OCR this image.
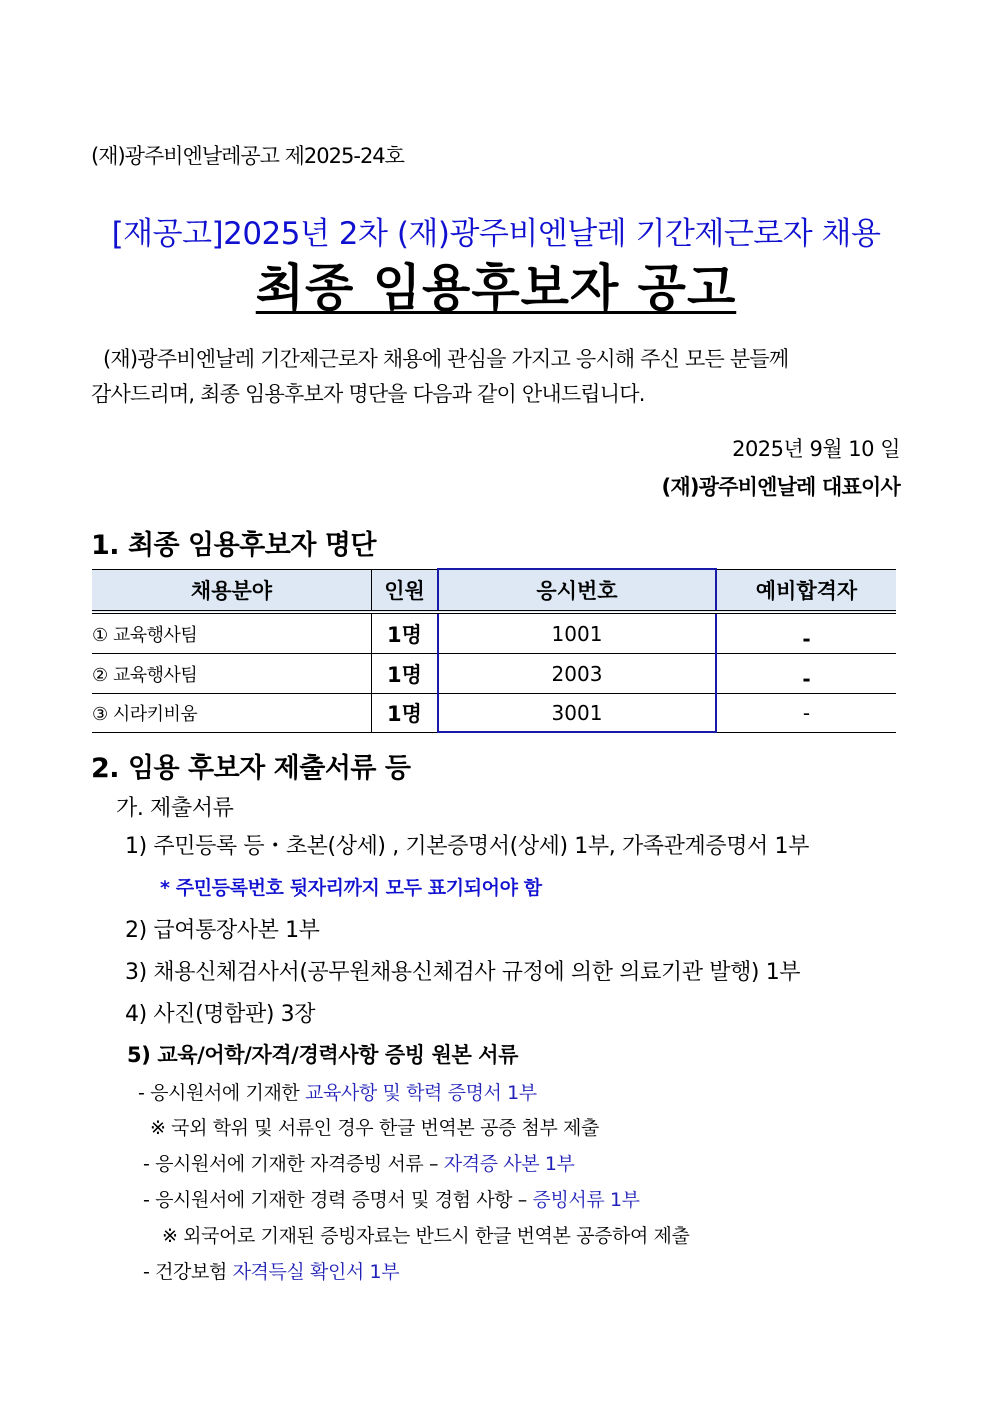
(재)광주비엔날레공고 제2025-24호
[재공고]2025년 2차 (재)광주비엔날레 기간제근로자 채용
최종 임용후보자 공고
(재)광주비엔날레 기간제근로자 채용에 관심을 가지고 응시해 주신 모든 분들께
감사드리며, 최종 임용후보자 명단을 다음과 같이 안내드립니다.
2025년 9월 10 일
(재)광주비엔날레 대표이사
1. 최종 임용후보자 명단
채용분야	인원	응시번호	예비합격자
① 교육행사팀	1명	1001	-
② 교육행사팀	1명	2003	-
③ 시라키비움	1명	3001	-
2. 임용 후보자 제출서류 등
가. 제출서류
1) 주민등록 등・초본(상세) , 기본증명서(상세) 1부, 가족관계증명서 1부
* 주민등록번호 뒷자리까지 모두 표기되어야 함
2) 급여통장사본 1부
3) 채용신체검사서(공무원채용신체검사 규정에 의한 의료기관 발행) 1부
4) 사진(명함판) 3장
5) 교육/어학/자격/경력사항 증빙 원본 서류
- 응시원서에 기재한 교육사항 및 학력 증명서 1부
※ 국외 학위 및 서류인 경우 한글 번역본 공증 첨부 제출
- 응시원서에 기재한 자격증빙 서류 – 자격증 사본 1부
- 응시원서에 기재한 경력 증명서 및 경험 사항 – 증빙서류 1부
※ 외국어로 기재된 증빙자료는 반드시 한글 번역본 공증하여 제출
- 건강보험 자격득실 확인서 1부
